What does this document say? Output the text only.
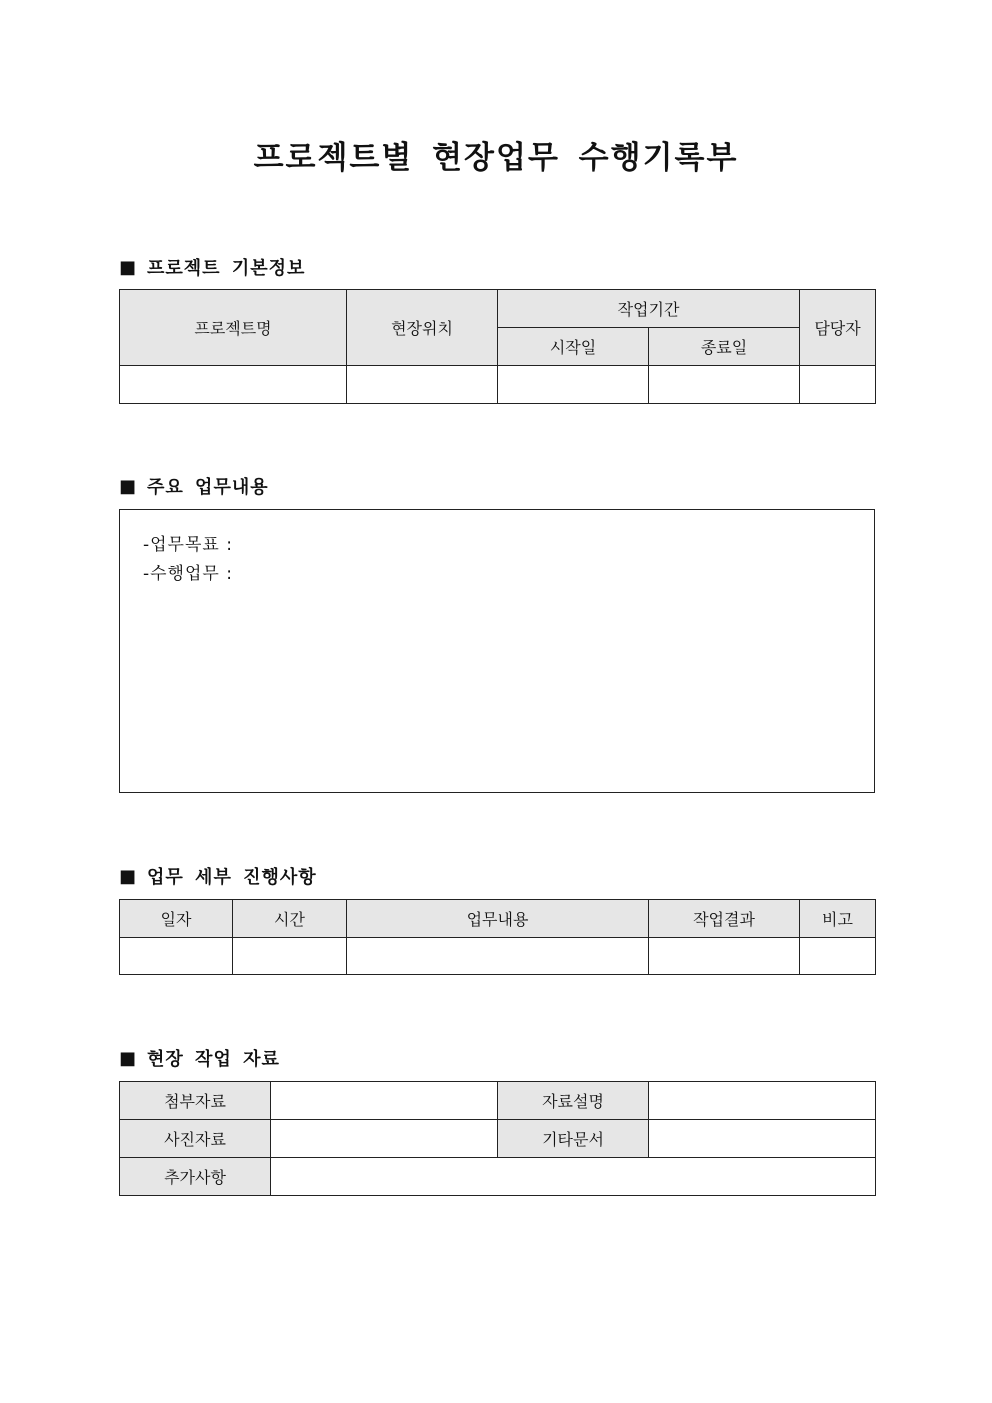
프로젝트별 현장업무 수행기록부
■ 프로젝트 기본정보
프로젝트명	현장위치	작업기간		담당자
		시작일	종료일	

■ 주요 업무내용
-업무목표 :
-수행업무 :
■ 업무 세부 진행사항
일자	시간	업무내용	작업결과	비고

■ 현장 작업 자료
첨부자료		자료설명	
사진자료		기타문서	
추가사항			
